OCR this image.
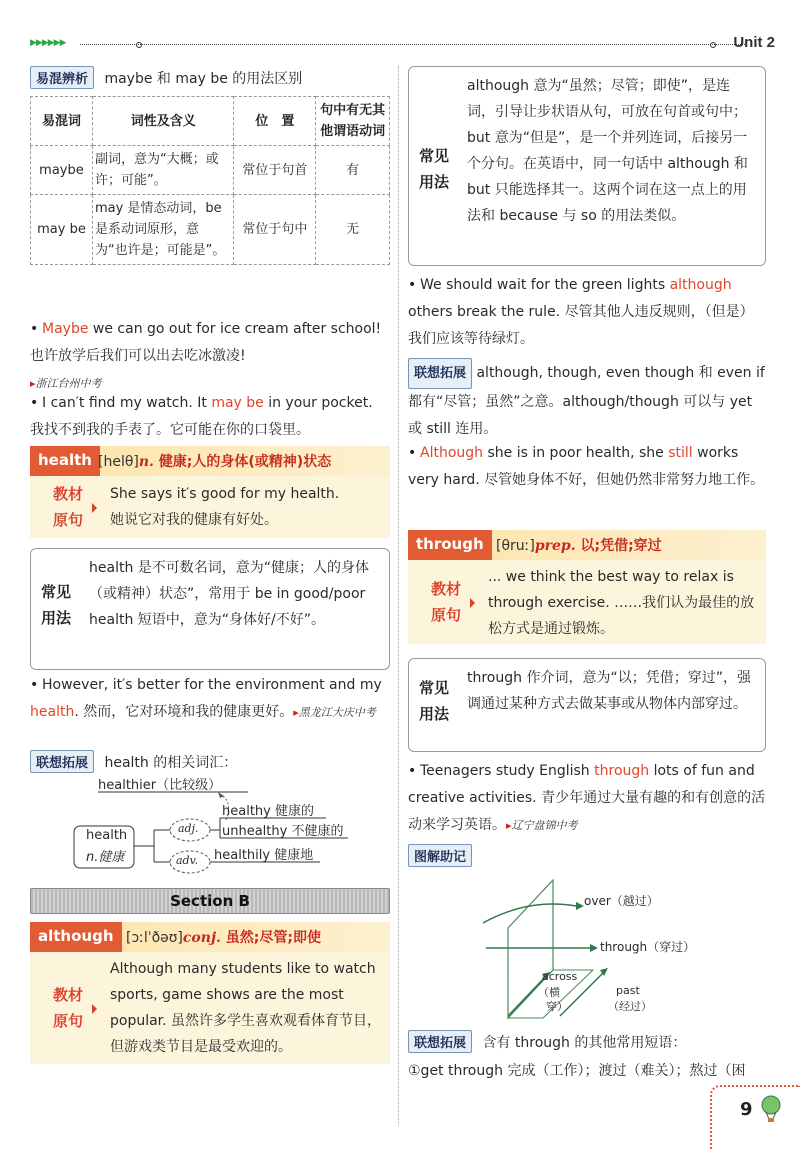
▶▶▶▶▶▶	Unit 2
易混辨析 maybe 和 may be 的用法区别
易混词	词性及含义	位　置	句中有无其他谓语动词
maybe	副词，意为“大概；或许；可能”。	常位于句首	有
may be	may 是情态动词，be 是系动词原形，意为“也许是；可能是”。	常位于句中	无
• Maybe we can go out for ice cream after school! 也许放学后我们可以出去吃冰激凌!
▸浙江台州中考
• I can′t find my watch. It may be in your pocket. 我找不到我的手表了。它可能在你的口袋里。
health [helθ]n. 健康;人的身体(或精神)状态
教材原句
She says it′s good for my health.
她说它对我的健康有好处。
常见用法
health 是不可数名词，意为“健康；人的身体（或精神）状态”，常用于 be in good/poor health 短语中，意为“身体好/不好”。
• However, it′s better for the environment and my health. 然而，它对环境和我的健康更好。▸黑龙江大庆中考
联想拓展 health 的相关词汇：
healthier（比较级）
healthy 健康的
unhealthy 不健康的
healthily 健康地
adj.
adv.
health
n.健康
Section B
although [ɔːlˈðəʊ]conj. 虽然;尽管;即使
教材原句
Although many students like to watch sports, game shows are the most popular. 虽然许多学生喜欢观看体育节目，但游戏类节目是最受欢迎的。
常见用法
although 意为“虽然；尽管；即使”，是连词，引导让步状语从句，可放在句首或句中；but 意为“但是”，是一个并列连词，后接另一个分句。在英语中，同一句话中 although 和 but 只能选择其一。这两个词在这一点上的用法和 because 与 so 的用法类似。
• We should wait for the green lights although others break the rule. 尽管其他人违反规则，（但是）我们应该等待绿灯。
联想拓展 although, though, even though 和 even if 都有“尽管；虽然”之意。although/though 可以与 yet 或 still 连用。
• Although she is in poor health, she still works very hard. 尽管她身体不好，但她仍然非常努力地工作。
through [θruː]prep. 以;凭借;穿过
教材原句
... we think the best way to relax is through exercise. ……我们认为最佳的放松方式是通过锻炼。
常见用法
through 作介词，意为“以；凭借；穿过”，强调通过某种方式去做某事或从物体内部穿过。
• Teenagers study English through lots of fun and creative activities. 青少年通过大量有趣的和有创意的活动来学习英语。▸辽宁盘锦中考
图解助记
over（越过）
through（穿过）
across
（横
穿）
past
（经过）
联想拓展 含有 through 的其他常用短语：
①get through 完成（工作）；渡过（难关）；熬过（困
9
